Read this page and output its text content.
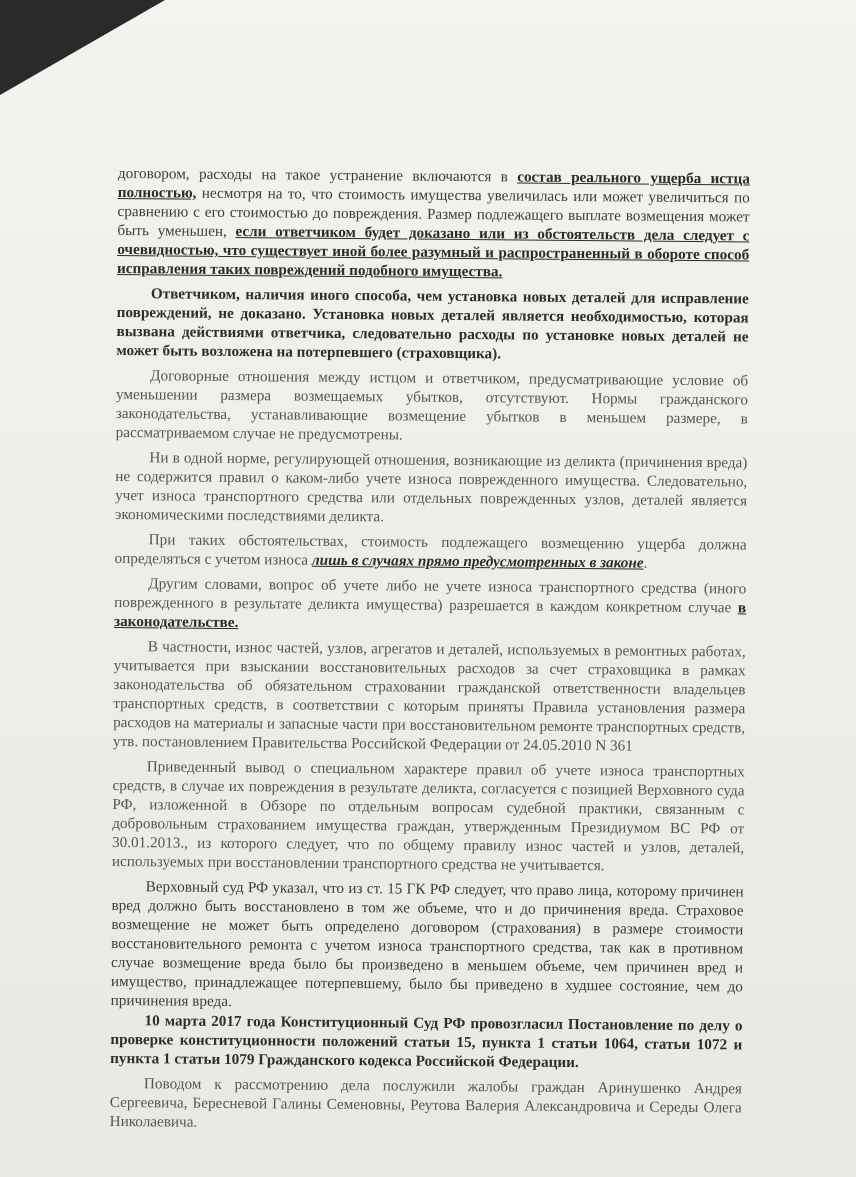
договором, расходы на такое устранение включаются в состав реального ущерба истца полностью, несмотря на то, что стоимость имущества увеличилась или может увеличиться по сравнению с его стоимостью до повреждения. Размер подлежащего выплате возмещения может быть уменьшен, если ответчиком будет доказано или из обстоятельств дела следует с очевидностью, что существует иной более разумный и распространенный в обороте способ исправления таких повреждений подобного имущества.

Ответчиком, наличия иного способа, чем установка новых деталей для исправление повреждений, не доказано. Установка новых деталей является необходимостью, которая вызвана действиями ответчика, следовательно расходы по установке новых деталей не может быть возложена на потерпевшего (страховщика).

Договорные отношения между истцом и ответчиком, предусматривающие условие об уменьшении размера возмещаемых убытков, отсутствуют. Нормы гражданского законодательства, устанавливающие возмещение убытков в меньшем размере, в рассматриваемом случае не предусмотрены.

Ни в одной норме, регулирующей отношения, возникающие из деликта (причинения вреда) не содержится правил о каком-либо учете износа поврежденного имущества. Следовательно, учет износа транспортного средства или отдельных поврежденных узлов, деталей является экономическими последствиями деликта.

При таких обстоятельствах, стоимость подлежащего возмещению ущерба должна определяться с учетом износа лишь в случаях прямо предусмотренных в законе.

Другим словами, вопрос об учете либо не учете износа транспортного средства (иного поврежденного в результате деликта имущества) разрешается в каждом конкретном случае в законодательстве.

В частности, износ частей, узлов, агрегатов и деталей, используемых в ремонтных работах, учитывается при взыскании восстановительных расходов за счет страховщика в рамках законодательства об обязательном страховании гражданской ответственности владельцев транспортных средств, в соответствии с которым приняты Правила установления размера расходов на материалы и запасные части при восстановительном ремонте транспортных средств, утв. постановлением Правительства Российской Федерации от 24.05.2010 N 361

Приведенный вывод о специальном характере правил об учете износа транспортных средств, в случае их повреждения в результате деликта, согласуется с позицией Верховного суда РФ, изложенной в Обзоре по отдельным вопросам судебной практики, связанным с добровольным страхованием имущества граждан, утвержденным Президиумом ВС РФ от 30.01.2013., из которого следует, что по общему правилу износ частей и узлов, деталей, используемых при восстановлении транспортного средства не учитывается.

Верховный суд РФ указал, что из ст. 15 ГК РФ следует, что право лица, которому причинен вред должно быть восстановлено в том же объеме, что и до причинения вреда. Страховое возмещение не может быть определено договором (страхования) в размере стоимости восстановительного ремонта с учетом износа транспортного средства, так как в противном случае возмещение вреда было бы произведено в меньшем объеме, чем причинен вред и имущество, принадлежащее потерпевшему, было бы приведено в худшее состояние, чем до причинения вреда.

10 марта 2017 года Конституционный Суд РФ провозгласил Постановление по делу о проверке конституционности положений статьи 15, пункта 1 статьи 1064, статьи 1072 и пункта 1 статьи 1079 Гражданского кодекса Российской Федерации.

Поводом к рассмотрению дела послужили жалобы граждан Аринушенко Андрея Сергеевича, Бересневой Галины Семеновны, Реутова Валерия Александровича и Середы Олега Николаевича.
